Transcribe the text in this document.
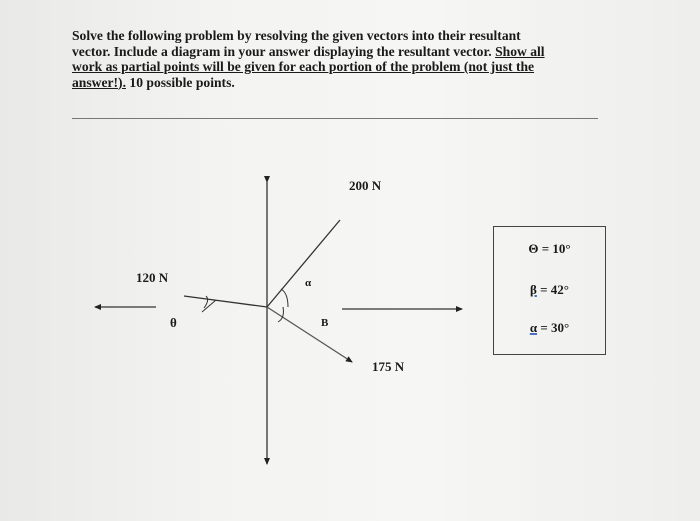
Solve the following problem by resolving the given vectors into their resultant
vector. Include a diagram in your answer displaying the resultant vector. Show all
work as partial points will be given for each portion of the problem (not just the
answer!). 10 possible points.
200 N
120 N
175 N
θ
α
B
Θ = 10°
β = 42°
α = 30°
